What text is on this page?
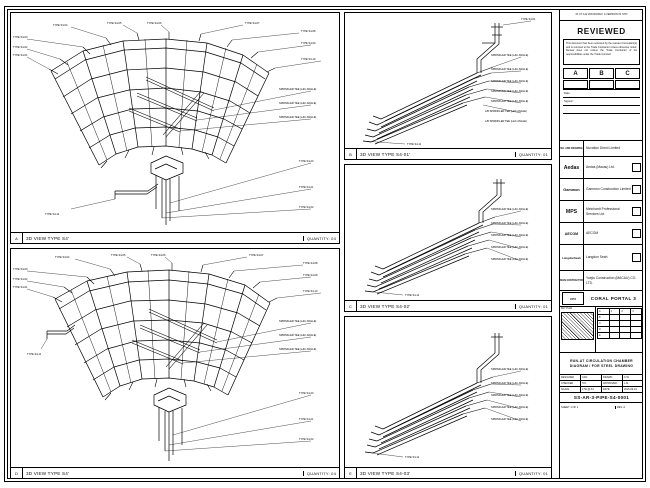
TYPE S4-01
TYPE S4-02
TYPE S4-03
TYPE S4-04
TYPE S4-05	TYPE S4-06	TYPE S4-07
TYPE S4-08
TYPE S4-09
TYPE S4-10
SPRINKLER TEE (L&C ANGLE)
SPRINKLER TEE (L&C ANGLE)
SPRINKLER TEE (L&C ANGLE)
TYPE S4-20
TYPE S4-21
TYPE S4-22
TYPE S4-11
A	3D VIEW TYPE S4'	QUANTITY: 04
TYPE S4-01
SPRINKLER TEE (L&C ANGLE)
SPRINKLER TEE (L&C ANGLE)
SPRINKLER TEE (L&C ANGLE)
SPRINKLER TEE (L&C ANGLE)
SPRINKLER TEE (L&C ANGLE)
L/B SPRINKLER TEE (L&C ANGLE)
L/B SPRINKLER TEE (L&C ANGLE)
TYPE S4-11
B	3D VIEW TYPE S4-01'	QUANTITY: 01
SPRINKLER TEE (L&C ANGLE)
SPRINKLER TEE (L&C ANGLE)
SPRINKLER TEE (L&C ANGLE)
SPRINKLER TEE (L&C ANGLE)
SPRINKLER TEE (L&C ANGLE)
TYPE S4-11
C	3D VIEW TYPE S4-02'	QUANTITY: 01
TYPE S4-01
TYPE S4-02
TYPE S4-03
TYPE S4-04
TYPE S4-05	TYPE S4-06	TYPE S4-07
TYPE S4-08
TYPE S4-09
TYPE S4-10
SPRINKLER TEE (L&C ANGLE)
SPRINKLER TEE (L&C ANGLE)
SPRINKLER TEE (L&C ANGLE)
TYPE S4-20
TYPE S4-21
TYPE S4-22
TYPE S4-11
D	3D VIEW TYPE S4'	QUANTITY: 04
SPRINKLER TEE (L&C ANGLE)
SPRINKLER TEE (L&C ANGLE)
SPRINKLER TEE (L&C ANGLE)
SPRINKLER TEE (L&C ANGLE)
SPRINKLER TEE (L&C ANGLE)
TYPE S4-11
E	3D VIEW TYPE S4-03'	QUANTITY: 01
01 07 A12 201004 REV. A VERSION 01 STD
REVIEWED
This document has been reviewed by the relevant Consultant(s) and is returned to the Trade Contractor unless otherwise noted. Review does not relieve the Trade Contractor of his responsibilities under the Trade Contract.
A	B	C
Date :
Signed :
NO. AND DRAWING	Nuvation Direct Limited
Aedas	Aedas (Macau) Ltd.
Gammon	Gammon Construction Limited
MPS	Meinhardt Professional Services Ltd.
AECOM	AECOM
LangdonSeah	Langdon Seah
MAIN CONTRACTOR
Yuejiu Construction (MACAU) CO. LTD.
CP3	CORAL PORTAL 3
KEY PLAN
A	1	2	3
B			
C			
D			
E			
RUN-AT CIRCULATION CHAMBER DIAGRAM / FOR STEEL DRAWING
DESIGNED	CAD	DRAWN	C.W.
CHECKED	H.K.	APPROVED	L.M.
SCALE	1:50 @ A1	DATE	2015-09-24
SS-AR-3-PIPE-S4-0001
SHEET 1 OF 1	REV. A
